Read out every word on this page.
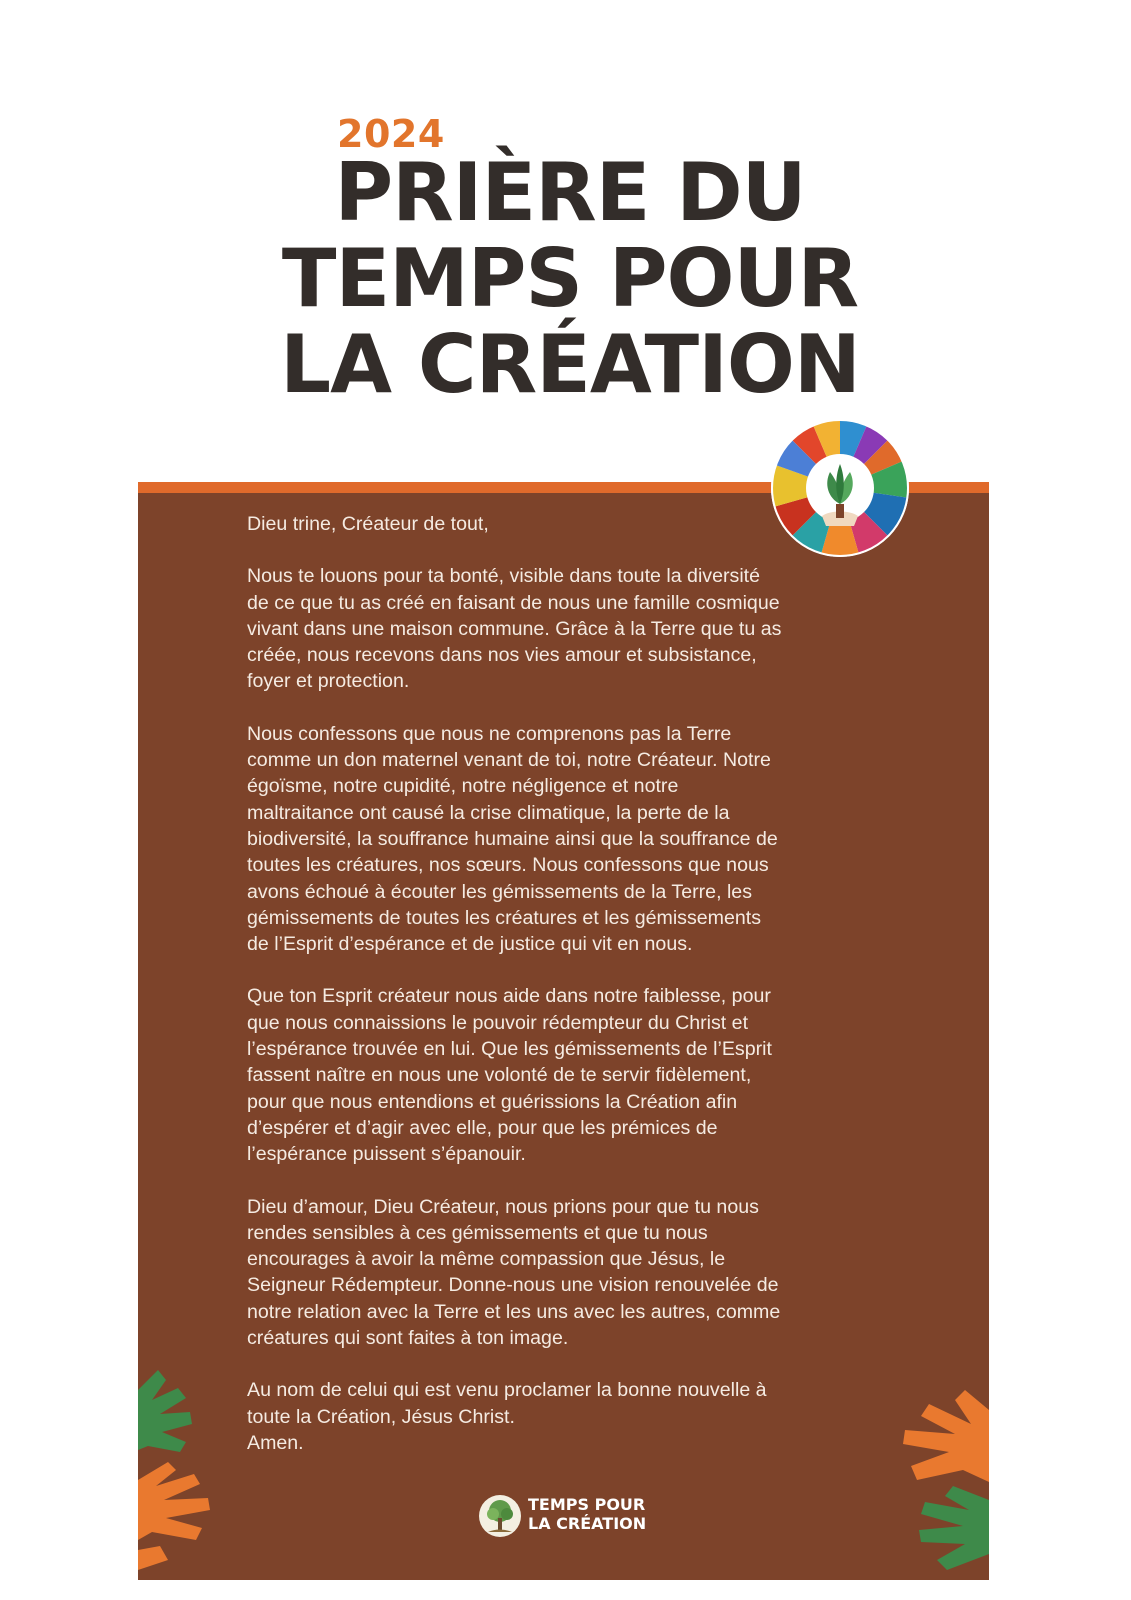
2024
PRIÈRE DU
TEMPS POUR
LA CRÉATION

Dieu trine, Créateur de tout,

Nous te louons pour ta bonté, visible dans toute la diversité
de ce que tu as créé en faisant de nous une famille cosmique
vivant dans une maison commune. Grâce à la Terre que tu as
créée, nous recevons dans nos vies amour et subsistance,
foyer et protection.

Nous confessons que nous ne comprenons pas la Terre
comme un don maternel venant de toi, notre Créateur. Notre
égoïsme, notre cupidité, notre négligence et notre
maltraitance ont causé la crise climatique, la perte de la
biodiversité, la souffrance humaine ainsi que la souffrance de
toutes les créatures, nos sœurs. Nous confessons que nous
avons échoué à écouter les gémissements de la Terre, les
gémissements de toutes les créatures et les gémissements
de l’Esprit d’espérance et de justice qui vit en nous.

Que ton Esprit créateur nous aide dans notre faiblesse, pour
que nous connaissions le pouvoir rédempteur du Christ et
l’espérance trouvée en lui. Que les gémissements de l’Esprit
fassent naître en nous une volonté de te servir fidèlement,
pour que nous entendions et guérissions la Création afin
d’espérer et d’agir avec elle, pour que les prémices de
l’espérance puissent s’épanouir.

Dieu d’amour, Dieu Créateur, nous prions pour que tu nous
rendes sensibles à ces gémissements et que tu nous
encourages à avoir la même compassion que Jésus, le
Seigneur Rédempteur. Donne-nous une vision renouvelée de
notre relation avec la Terre et les uns avec les autres, comme
créatures qui sont faites à ton image.

Au nom de celui qui est venu proclamer la bonne nouvelle à
toute la Création, Jésus Christ.
Amen.

TEMPS POUR
LA CRÉATION
